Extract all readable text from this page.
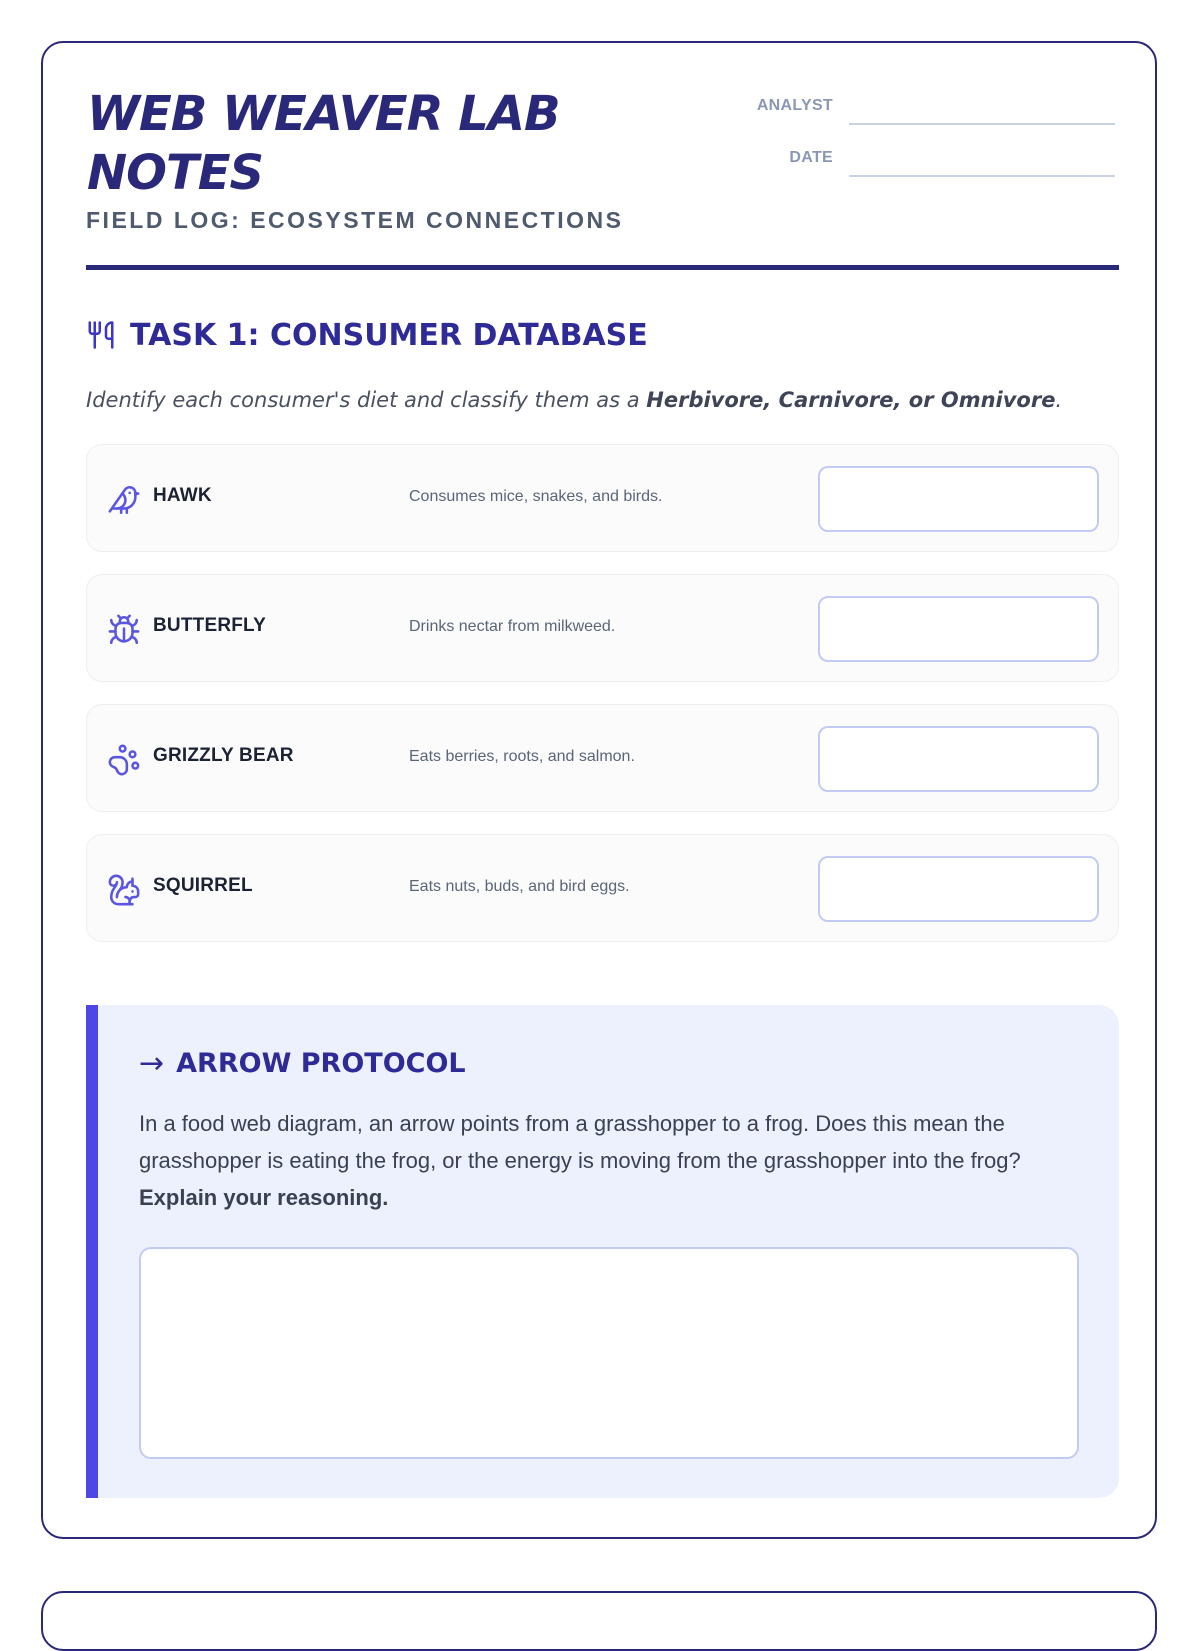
WEB WEAVER LAB NOTES

FIELD LOG: ECOSYSTEM CONNECTIONS

ANALYST
DATE
TASK 1: CONSUMER DATABASE

Identify each consumer's diet and classify them as a Herbivore, Carnivore, or Omnivore.

HAWK	Consumes mice, snakes, and birds.
BUTTERFLY	Drinks nectar from milkweed.
GRIZZLY BEAR	Eats berries, roots, and salmon.
SQUIRREL	Eats nuts, buds, and bird eggs.
→ ARROW PROTOCOL

In a food web diagram, an arrow points from a grasshopper to a frog. Does this mean the grasshopper is eating the frog, or the energy is moving from the grasshopper into the frog?
Explain your reasoning.
